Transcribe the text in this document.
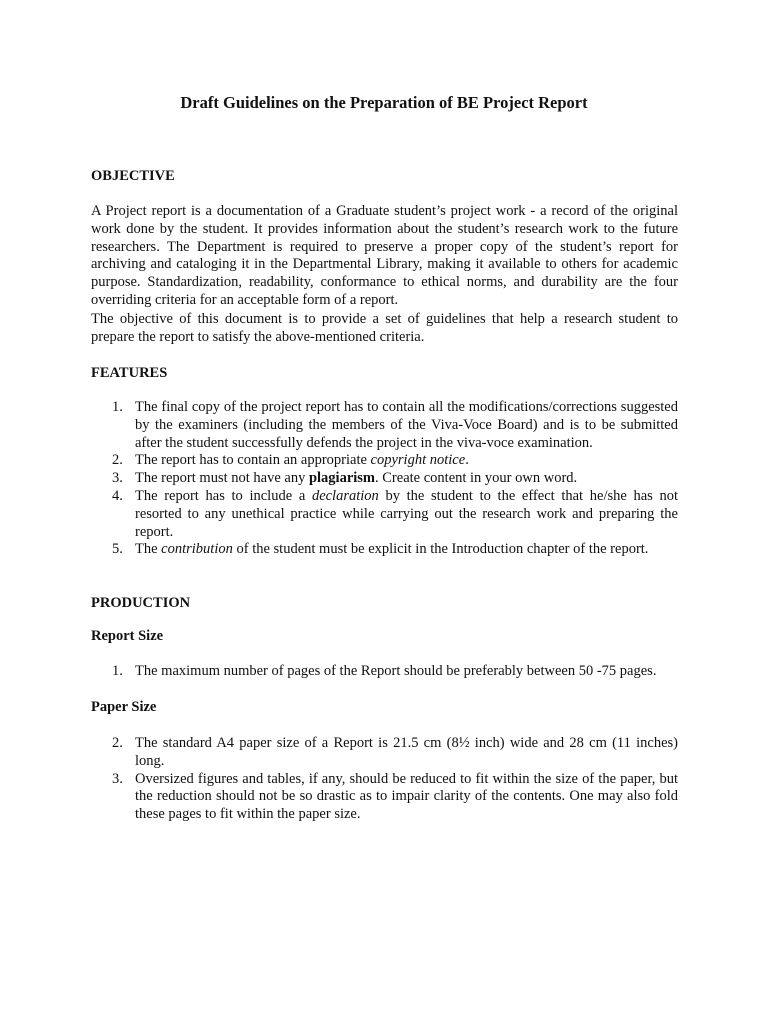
Draft Guidelines on the Preparation of BE Project Report
OBJECTIVE

A Project report is a documentation of a Graduate student’s project work - a record of the original work done by the student. It provides information about the student’s research work to the future researchers. The Department is required to preserve a proper copy of the student’s report for archiving and cataloging it in the Departmental Library, making it available to others for academic purpose. Standardization, readability, conformance to ethical norms, and durability are the four overriding criteria for an acceptable form of a report.

The objective of this document is to provide a set of guidelines that help a research student to prepare the report to satisfy the above-mentioned criteria.

FEATURES
1. The final copy of the project report has to contain all the modifications/corrections suggested by the examiners (including the members of the Viva-Voce Board) and is to be submitted after the student successfully defends the project in the viva-voce examination.
2. The report has to contain an appropriate copyright notice.
3. The report must not have any plagiarism. Create content in your own word.
4. The report has to include a declaration by the student to the effect that he/she has not resorted to any unethical practice while carrying out the research work and preparing the report.
5. The contribution of the student must be explicit in the Introduction chapter of the report.
PRODUCTION
Report Size
1. The maximum number of pages of the Report should be preferably between 50 -75 pages.
Paper Size
2. The standard A4 paper size of a Report is 21.5 cm (8½ inch) wide and 28 cm (11 inches) long.
3. Oversized figures and tables, if any, should be reduced to fit within the size of the paper, but the reduction should not be so drastic as to impair clarity of the contents. One may also fold these pages to fit within the paper size.
